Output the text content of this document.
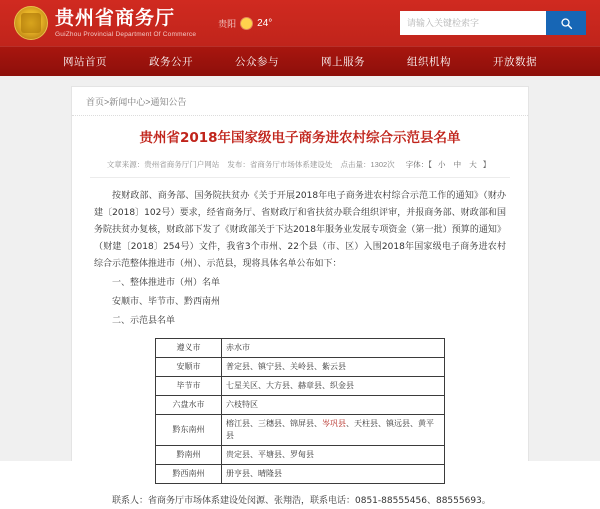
贵州省商务厅
GuiZhou Provincial Department Of Commerce
贵阳 24°
请输入关键检索字
网站首页	政务公开	公众参与	网上服务	组织机构	开放数据
首页>新闻中心>通知公告
贵州省2018年国家级电子商务进农村综合示范县名单
文章来源：贵州省商务厅门户网站 发布：省商务厅市场体系建设处 点击量：1302次 字体：【 小 中 大 】

按财政部、商务部、国务院扶贫办《关于开展2018年电子商务进农村综合示范工作的通知》（财办建〔2018〕102号）要求，经省商务厅、省财政厅和省扶贫办联合组织评审，并报商务部、财政部和国务院扶贫办复核，财政部下发了《财政部关于下达2018年服务业发展专项资金（第一批）预算的通知》（财建〔2018〕254号）文件，我省3个市州、22个县（市、区）入围2018年国家级电子商务进农村综合示范整体推进市（州）、示范县，现将具体名单公布如下：

一、整体推进市（州）名单

安顺市、毕节市、黔西南州

二、示范县名单

遵义市	赤水市
安顺市	普定县、镇宁县、关岭县、紫云县
毕节市	七星关区、大方县、赫章县、织金县
六盘水市	六枝特区
黔东南州	榕江县、三穗县、锦屏县、岑巩县、天柱县、镇远县、黄平县
黔南州	贵定县、平塘县、罗甸县
黔西南州	册亨县、晴隆县
联系人：省商务厅市场体系建设处闵源、张翔浩，联系电话：0851-88555456、88555693。
